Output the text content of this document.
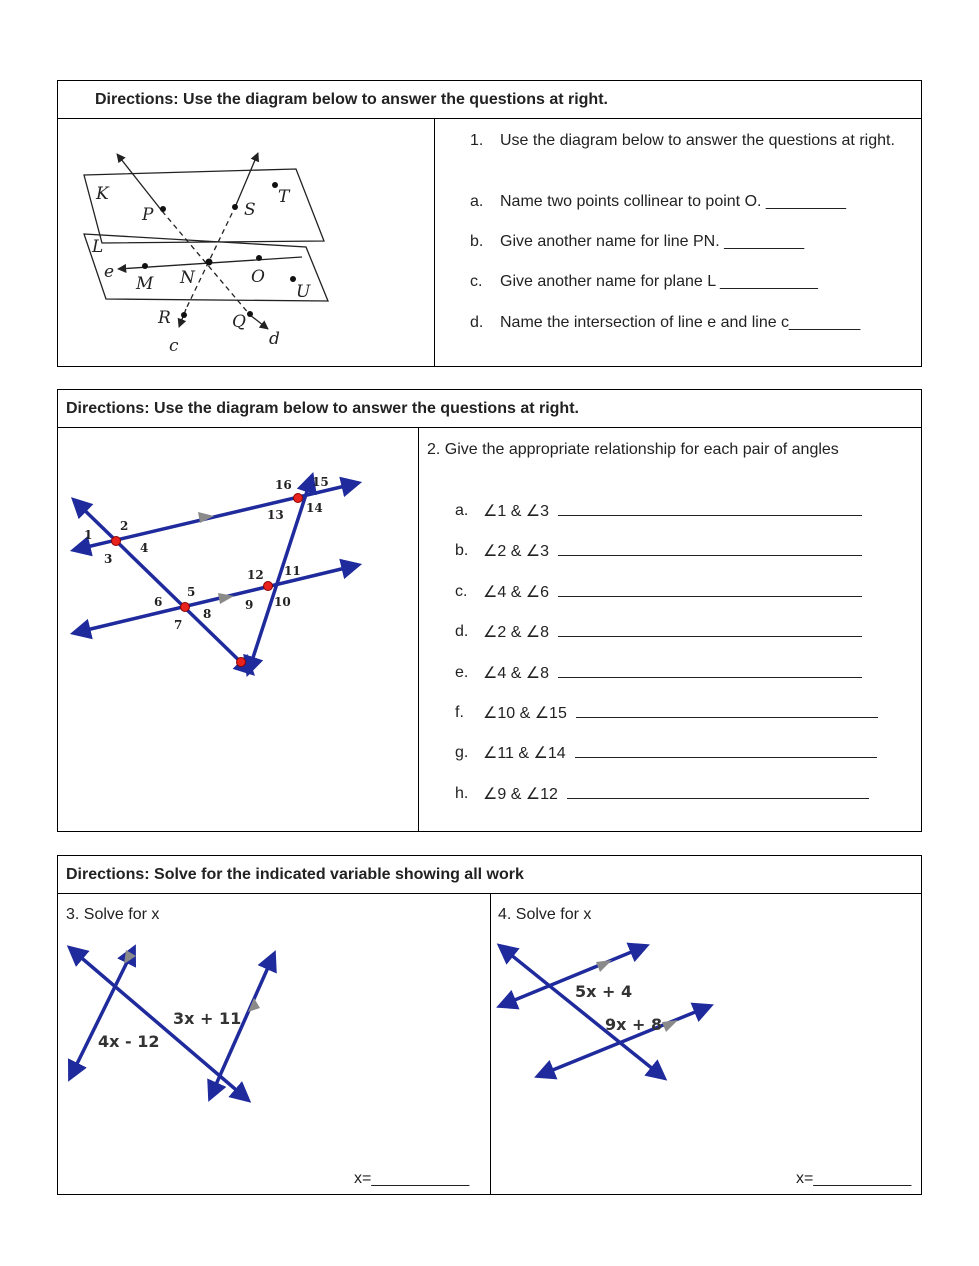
Directions: Use the diagram below to answer the questions at right.
K
L
P	S
T
M N	O
U
R	Q
e
c	d
1. Use the diagram below to answer the questions at right.
a. Name two points collinear to point O. _________
b. Give another name for line PN. _________
c. Give another name for plane L ___________
d. Name the intersection of line e and line c________
Directions: Use the diagram below to answer the questions at right.
1
2
3
4
5
6
7
8
9 10
11
12
13 14
15
16
2. Give the appropriate relationship for each pair of angles
a. ∠1 & ∠3
b. ∠2 & ∠3
c. ∠4 & ∠6
d. ∠2 & ∠8
e. ∠4 & ∠8
f. ∠10 & ∠15
g. ∠11 & ∠14
h. ∠9 & ∠12
Directions: Solve for the indicated variable showing all work
3. Solve for x
3x + 11
4x - 12
x=___________
4. Solve for x
5x + 4
9x + 8
x=___________
